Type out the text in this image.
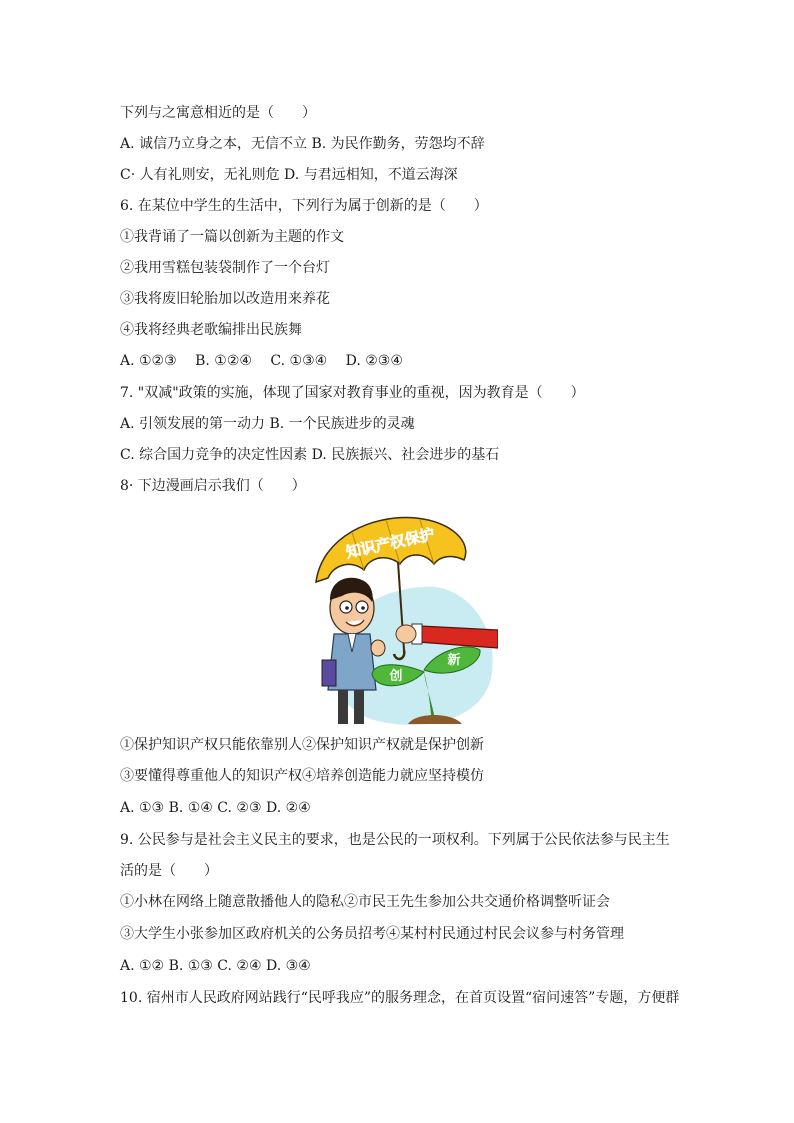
下列与之寓意相近的是（　　）
A. 诚信乃立身之本，无信不立 B. 为民作勤务，劳怨均不辞
C· 人有礼则安，无礼则危 D. 与君远相知，不道云海深
6. 在某位中学生的生活中，下列行为属于创新的是（　　）
①我背诵了一篇以创新为主题的作文
②我用雪糕包装袋制作了一个台灯
③我将废旧轮胎加以改造用来养花
④我将经典老歌编排出民族舞
A. ①②③　 B. ①②④　 C. ①③④　 D. ②③④
7. "双减"政策的实施，体现了国家对教育事业的重视，因为教育是（　　）
A. 引领发展的第一动力 B. 一个民族进步的灵魂
C. 综合国力竞争的决定性因素 D. 民族振兴、社会进步的基石
8· 下边漫画启示我们（　　）
知识产权保护
创
新
①保护知识产权只能依靠别人②保护知识产权就是保护创新
③要懂得尊重他人的知识产权④培养创造能力就应坚持模仿
A. ①③ B. ①④ C. ②③ D. ②④
9. 公民参与是社会主义民主的要求，也是公民的一项权利。下列属于公民依法参与民主生
活的是（　　）
①小林在网络上随意散播他人的隐私②市民王先生参加公共交通价格调整听证会
③大学生小张参加区政府机关的公务员招考④某村村民通过村民会议参与村务管理
A. ①② B. ①③ C. ②④ D. ③④
10. 宿州市人民政府网站践行“民呼我应”的服务理念，在首页设置“宿问速答”专题，方便群
